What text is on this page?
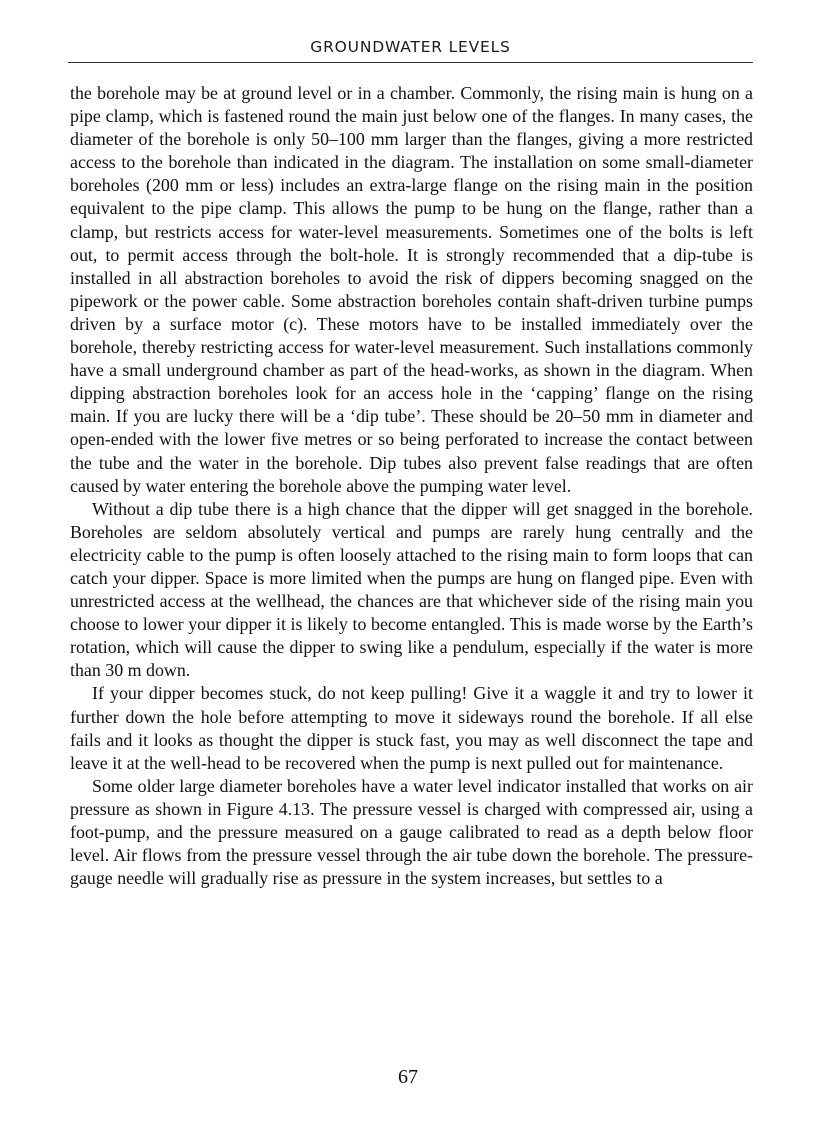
GROUNDWATER LEVELS

the borehole may be at ground level or in a chamber. Commonly, the rising main is hung on a pipe clamp, which is fastened round the main just below one of the flanges. In many cases, the diameter of the borehole is only 50–100 mm larger than the flanges, giving a more restricted access to the borehole than indicated in the diagram. The installation on some small-diameter boreholes (200 mm or less) includes an extra-large flange on the rising main in the position equivalent to the pipe clamp. This allows the pump to be hung on the flange, rather than a clamp, but restricts access for water-level measurements. Sometimes one of the bolts is left out, to permit access through the bolt-hole. It is strongly recommended that a dip-tube is installed in all abstraction boreholes to avoid the risk of dippers becoming snagged on the pipework or the power cable. Some abstraction boreholes contain shaft-driven turbine pumps driven by a surface motor (c). These motors have to be installed immediately over the borehole, thereby restricting access for water-level measurement. Such installations commonly have a small underground chamber as part of the head-works, as shown in the diagram. When dipping abstraction boreholes look for an access hole in the ‘capping’ flange on the rising main. If you are lucky there will be a ‘dip tube’. These should be 20–50 mm in diameter and open-ended with the lower five metres or so being perforated to increase the contact between the tube and the water in the borehole. Dip tubes also prevent false readings that are often caused by water entering the borehole above the pumping water level.

Without a dip tube there is a high chance that the dipper will get snagged in the borehole. Boreholes are seldom absolutely vertical and pumps are rarely hung centrally and the electricity cable to the pump is often loosely attached to the rising main to form loops that can catch your dipper. Space is more limited when the pumps are hung on flanged pipe. Even with unrestricted access at the wellhead, the chances are that whichever side of the rising main you choose to lower your dipper it is likely to become entangled. This is made worse by the Earth’s rotation, which will cause the dipper to swing like a pendulum, especially if the water is more than 30 m down.

If your dipper becomes stuck, do not keep pulling! Give it a waggle it and try to lower it further down the hole before attempting to move it sideways round the borehole. If all else fails and it looks as thought the dipper is stuck fast, you may as well disconnect the tape and leave it at the well-head to be recovered when the pump is next pulled out for maintenance.

Some older large diameter boreholes have a water level indicator installed that works on air pressure as shown in Figure 4.13. The pressure vessel is charged with compressed air, using a foot-pump, and the pressure measured on a gauge calibrated to read as a depth below floor level. Air flows from the pressure vessel through the air tube down the borehole. The pressure-gauge needle will gradually rise as pressure in the system increases, but settles to a

67
